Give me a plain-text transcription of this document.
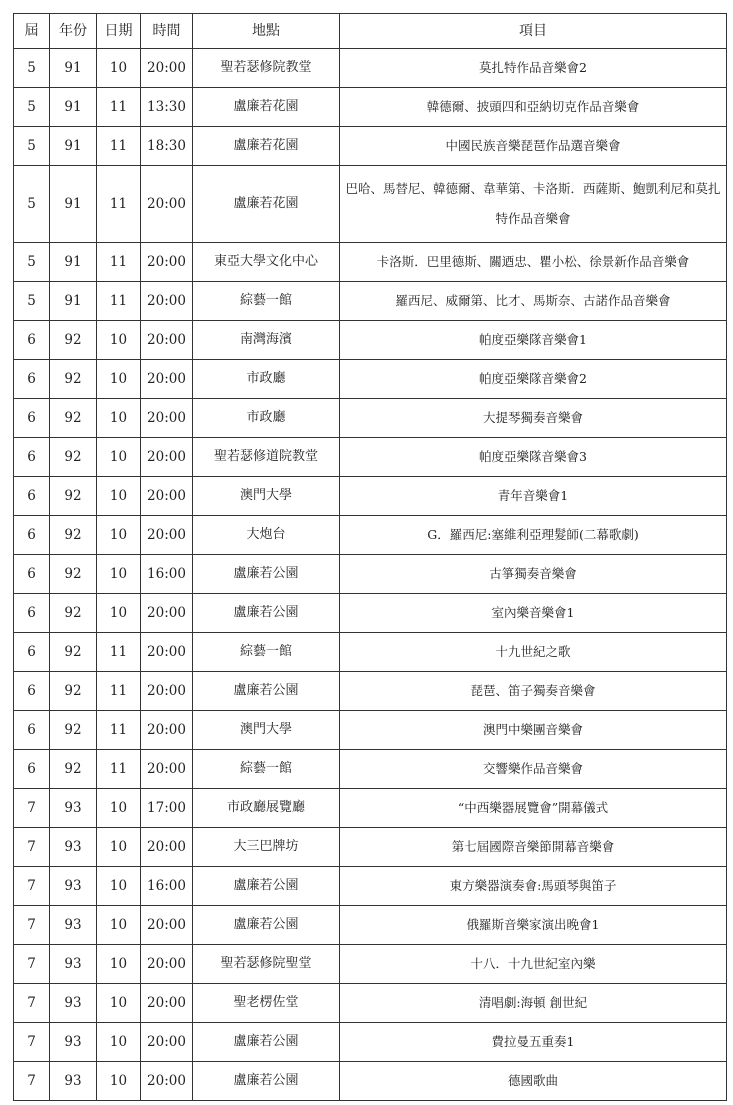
屆	年份	日期	時間	地點	項目
5	91	10	20:00	聖若瑟修院教堂	莫扎特作品音樂會2
5	91	11	13:30	盧廉若花園	韓德爾、披頭四和亞納切克作品音樂會
5	91	11	18:30	盧廉若花園	中國民族音樂琵琶作品選音樂會
5	91	11	20:00	盧廉若花園	巴哈、馬替尼、韓德爾、韋華第、卡洛斯．西薩斯、鮑凱利尼和莫扎特作品音樂會
5	91	11	20:00	東亞大學文化中心	卡洛斯．巴里德斯、關迺忠、瞿小松、徐景新作品音樂會
5	91	11	20:00	綜藝一館	羅西尼、威爾第、比才、馬斯奈、古諾作品音樂會
6	92	10	20:00	南灣海濱	帕度亞樂隊音樂會1
6	92	10	20:00	市政廳	帕度亞樂隊音樂會2
6	92	10	20:00	市政廳	大提琴獨奏音樂會
6	92	10	20:00	聖若瑟修道院教堂	帕度亞樂隊音樂會3
6	92	10	20:00	澳門大學	青年音樂會1
6	92	10	20:00	大炮台	G．羅西尼:塞維利亞理髮師(二幕歌劇)
6	92	10	16:00	盧廉若公園	古箏獨奏音樂會
6	92	10	20:00	盧廉若公園	室內樂音樂會1
6	92	11	20:00	綜藝一館	十九世紀之歌
6	92	11	20:00	盧廉若公園	琵琶、笛子獨奏音樂會
6	92	11	20:00	澳門大學	澳門中樂團音樂會
6	92	11	20:00	綜藝一館	交響樂作品音樂會
7	93	10	17:00	市政廳展覽廳	“中西樂器展覽會”開幕儀式
7	93	10	20:00	大三巴牌坊	第七屆國際音樂節開幕音樂會
7	93	10	16:00	盧廉若公園	東方樂器演奏會:馬頭琴與笛子
7	93	10	20:00	盧廉若公園	俄羅斯音樂家演出晚會1
7	93	10	20:00	聖若瑟修院聖堂	十八．十九世紀室內樂
7	93	10	20:00	聖老楞佐堂	清唱劇:海頓 創世紀
7	93	10	20:00	盧廉若公園	費拉曼五重奏1
7	93	10	20:00	盧廉若公園	德國歌曲
